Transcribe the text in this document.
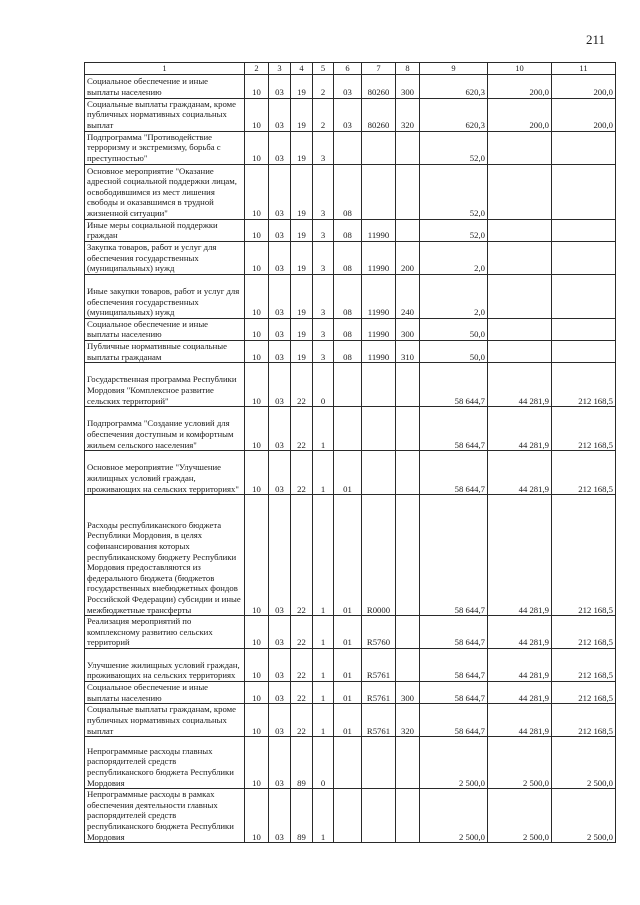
211
1	2	3	4	5	6	7	8	9	10	11
Социальное обеспечение и иные выплаты населению	10	03	19	2	03	80260	300	620,3	200,0	200,0
Социальные выплаты гражданам, кроме публичных нормативных социальных выплат	10	03	19	2	03	80260	320	620,3	200,0	200,0
Подпрограмма "Противодействие терроризму и экстремизму, борьба с преступностью"	10	03	19	3				52,0		
Основное мероприятие "Оказание адресной социальной поддержки лицам, освободившимся из мест лишения свободы и оказавшимся в трудной жизненной ситуации"	10	03	19	3	08			52,0		
Иные меры социальной поддержки граждан	10	03	19	3	08	11990		52,0		
Закупка товаров, работ и услуг для обеспечения государственных (муниципальных) нужд	10	03	19	3	08	11990	200	2,0		
Иные закупки товаров, работ и услуг для обеспечения государственных (муниципальных) нужд	10	03	19	3	08	11990	240	2,0		
Социальное обеспечение и иные выплаты населению	10	03	19	3	08	11990	300	50,0		
Публичные нормативные социальные выплаты гражданам	10	03	19	3	08	11990	310	50,0		
Государственная программа Республики Мордовия "Комплексное развитие сельских территорий"	10	03	22	0				58 644,7	44 281,9	212 168,5
Подпрограмма "Создание условий для обеспечения доступным и комфортным жильем сельского населения"	10	03	22	1				58 644,7	44 281,9	212 168,5
Основное мероприятие "Улучшение жилищных условий граждан, проживающих на сельских территориях"	10	03	22	1	01			58 644,7	44 281,9	212 168,5
Расходы республиканского бюджета Республики Мордовия, в целях софинансирования которых республиканскому бюджету Республики Мордовия предоставляются из федерального бюджета (бюджетов государственных внебюджетных фондов Российской Федерации) субсидии и иные межбюджетные трансферты	10	03	22	1	01	R0000		58 644,7	44 281,9	212 168,5
Реализация мероприятий по комплексному развитию сельских территорий	10	03	22	1	01	R5760		58 644,7	44 281,9	212 168,5
Улучшение жилищных условий граждан, проживающих на сельских территориях	10	03	22	1	01	R5761		58 644,7	44 281,9	212 168,5
Социальное обеспечение и иные выплаты населению	10	03	22	1	01	R5761	300	58 644,7	44 281,9	212 168,5
Социальные выплаты гражданам, кроме публичных нормативных социальных выплат	10	03	22	1	01	R5761	320	58 644,7	44 281,9	212 168,5
Непрограммные расходы главных распорядителей средств республиканского бюджета Республики Мордовия	10	03	89	0				2 500,0	2 500,0	2 500,0
Непрограммные расходы в рамках обеспечения деятельности главных распорядителей средств республиканского бюджета Республики Мордовия	10	03	89	1				2 500,0	2 500,0	2 500,0
